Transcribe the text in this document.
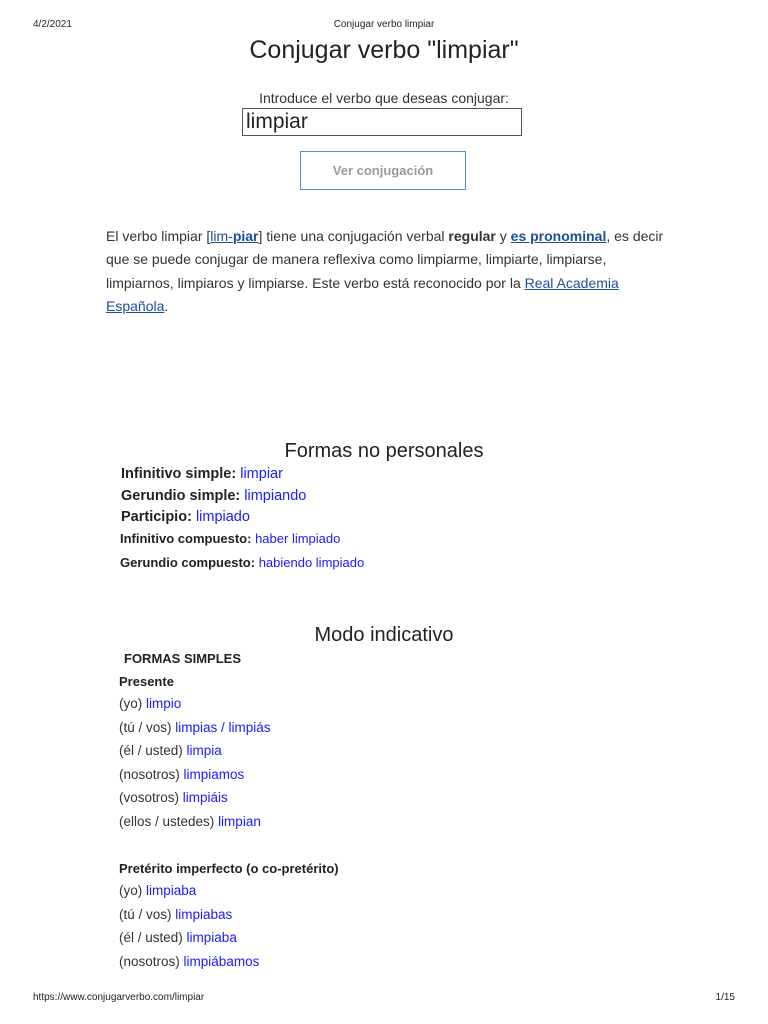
4/2/2021	Conjugar verbo limpiar
https://www.conjugarverbo.com/limpiar	1/15
Conjugar verbo "limpiar"
Introduce el verbo que deseas conjugar:
limpiar
Ver conjugación
El verbo limpiar [lim-piar] tiene una conjugación verbal regular y es pronominal, es decir que se puede conjugar de manera reflexiva como limpiarme, limpiarte, limpiarse, limpiarnos, limpiaros y limpiarse. Este verbo está reconocido por la Real Academia Española.
Formas no personales
Infinitivo simple: limpiar
Gerundio simple: limpiando
Participio: limpiado
Infinitivo compuesto: haber limpiado
Gerundio compuesto: habiendo limpiado
Modo indicativo
FORMAS SIMPLES
Presente
(yo) limpio
(tú / vos) limpias / limpiás
(él / usted) limpia
(nosotros) limpiamos
(vosotros) limpiáis
(ellos / ustedes) limpian
Pretérito imperfecto (o co-pretérito)
(yo) limpiaba
(tú / vos) limpiabas
(él / usted) limpiaba
(nosotros) limpiábamos
